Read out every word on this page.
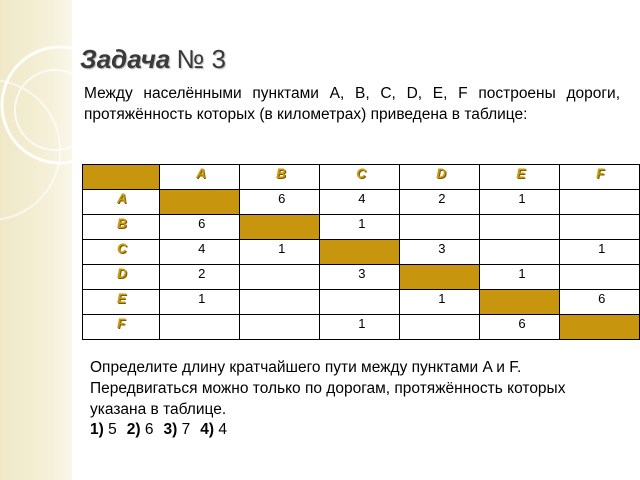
Задача № 3
Между населёнными пунктами A, B, C, D, E, F построены дороги, протяжённость которых (в километрах) приведена в таблице:
	A	B	C	D	E	F
A		6	4	2	1	
B	6		1			
C	4	1		3		1
D	2		3		1	
E	1			1		6
F			1		6	
Определите длину кратчайшего пути между пунктами A и F. Передвигаться можно только по дорогам, протяжённость которых указана в таблице.
1) 5 2) 6 3) 7 4) 4
